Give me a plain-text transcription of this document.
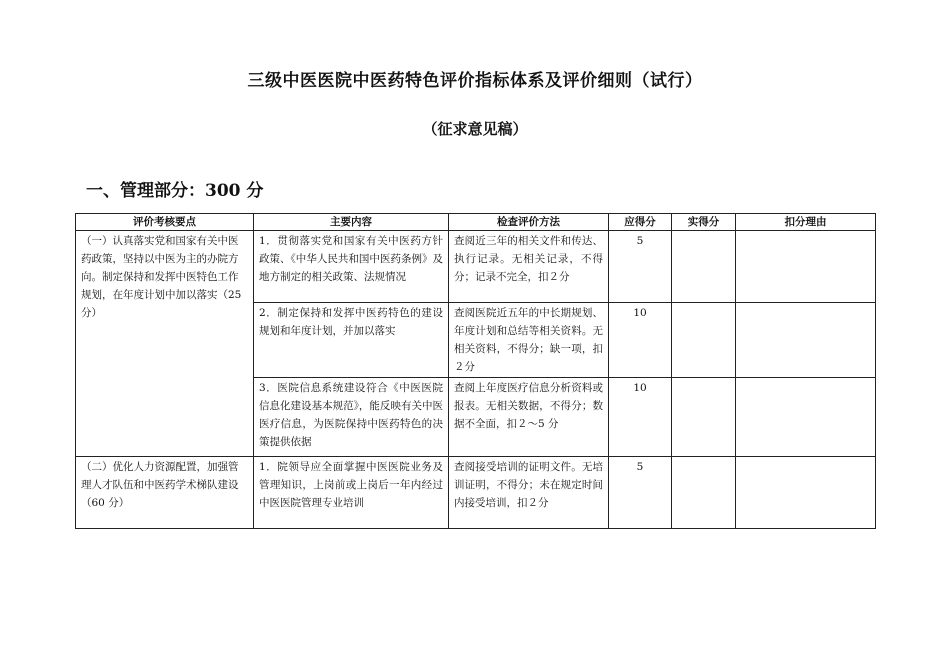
三级中医医院中医药特色评价指标体系及评价细则（试行）
（征求意见稿）
一、管理部分：300 分
评价考核要点	主要内容	检查评价方法	应得分	实得分	扣分理由
（一）认真落实党和国家有关中医药政策，坚持以中医为主的办院方向。制定保持和发挥中医特色工作规划，在年度计划中加以落实（25 分）	1．贯彻落实党和国家有关中医药方针政策、《中华人民共和国中医药条例》及地方制定的相关政策、法规情况	查阅近三年的相关文件和传达、执行记录。无相关记录，不得分；记录不完全，扣２分	5		
	2．制定保持和发挥中医药特色的建设规划和年度计划，并加以落实	查阅医院近五年的中长期规划、年度计划和总结等相关资料。无相关资料，不得分；缺一项，扣２分	10		
	3．医院信息系统建设符合《中医医院信息化建设基本规范》，能反映有关中医医疗信息，为医院保持中医药特色的决策提供依据	查阅上年度医疗信息分析资料或报表。无相关数据，不得分；数据不全面，扣２～5 分	10		
（二）优化人力资源配置，加强管理人才队伍和中医药学术梯队建设（60 分）	1．院领导应全面掌握中医医院业务及管理知识，上岗前或上岗后一年内经过中医医院管理专业培训	查阅接受培训的证明文件。无培训证明，不得分；未在规定时间内接受培训，扣２分	5		
